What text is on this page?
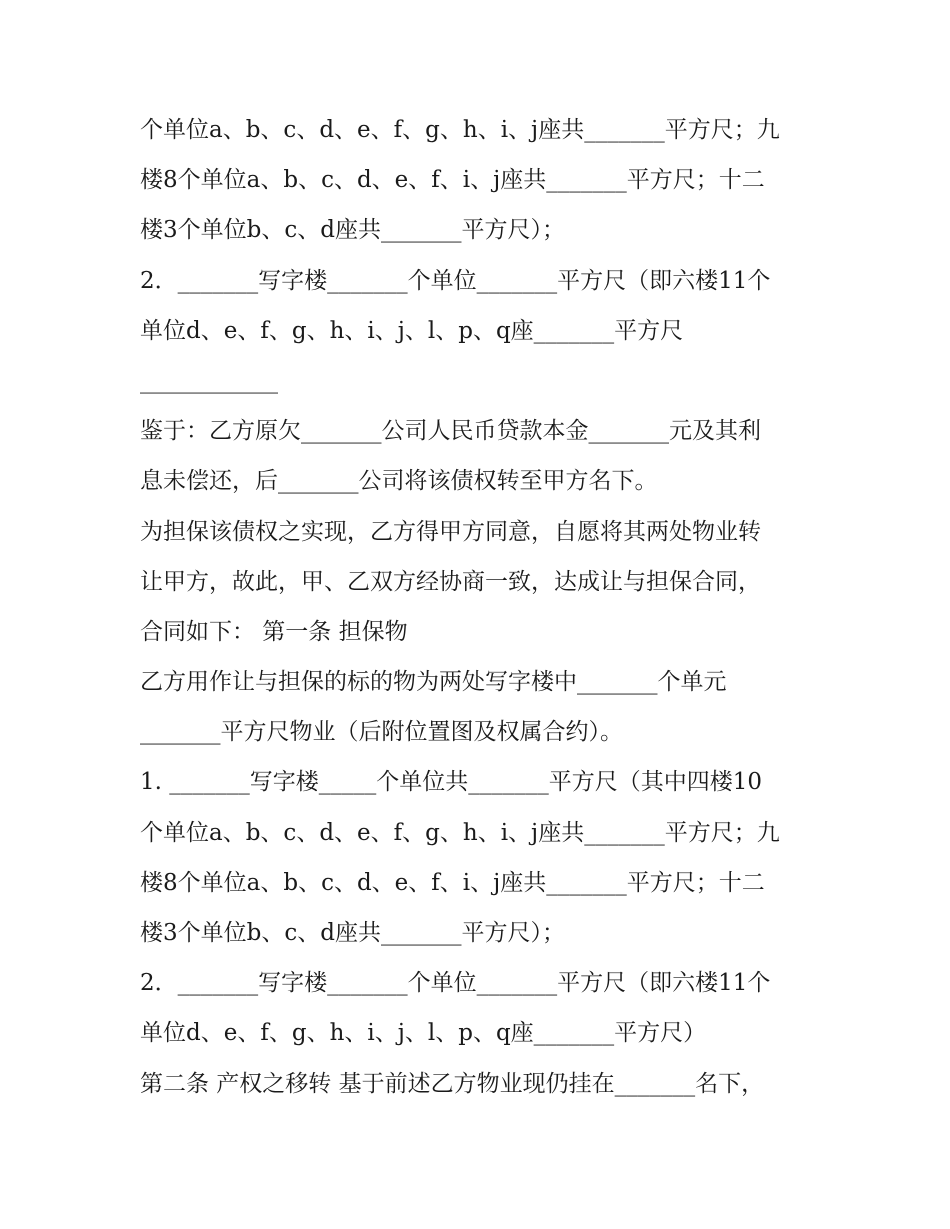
个单位a、b、c、d、e、f、g、h、i、j座共_______平方尺；九
楼8个单位a、b、c、d、e、f、i、j座共_______平方尺；十二
楼3个单位b、c、d座共_______平方尺）；
2．_______写字楼_______个单位_______平方尺（即六楼11个
单位d、e、f、g、h、i、j、l、p、q座_______平方尺
____________
鉴于：乙方原欠_______公司人民币贷款本金_______元及其利
息未偿还，后_______公司将该债权转至甲方名下。
为担保该债权之实现，乙方得甲方同意，自愿将其两处物业转
让甲方，故此，甲、乙双方经协商一致，达成让与担保合同，
合同如下： 第一条 担保物
乙方用作让与担保的标的物为两处写字楼中_______个单元
_______平方尺物业（后附位置图及权属合约）。
1. _______写字楼_____个单位共_______平方尺（其中四楼10
个单位a、b、c、d、e、f、g、h、i、j座共_______平方尺；九
楼8个单位a、b、c、d、e、f、i、j座共_______平方尺；十二
楼3个单位b、c、d座共_______平方尺）；
2．_______写字楼_______个单位_______平方尺（即六楼11个
单位d、e、f、g、h、i、j、l、p、q座_______平方尺）
第二条 产权之移转 基于前述乙方物业现仍挂在_______名下，
